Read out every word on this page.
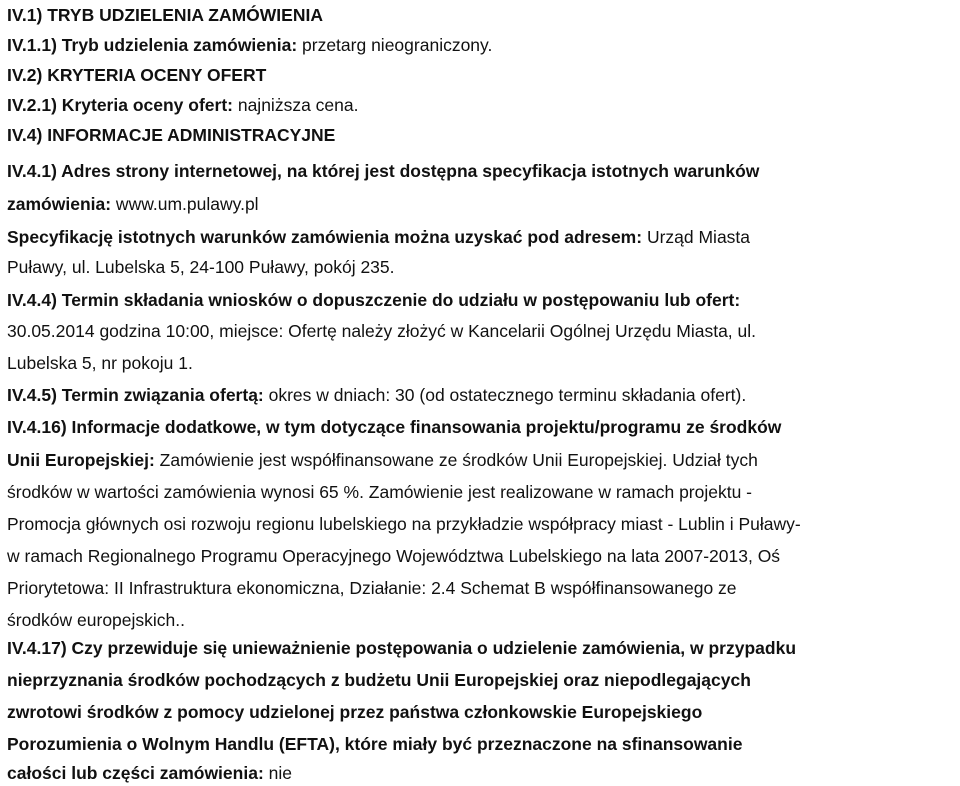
IV.1) TRYB UDZIELENIA ZAMÓWIENIA
IV.1.1) Tryb udzielenia zamówienia: przetarg nieograniczony.
IV.2) KRYTERIA OCENY OFERT
IV.2.1) Kryteria oceny ofert: najniższa cena.
IV.4) INFORMACJE ADMINISTRACYJNE
IV.4.1) Adres strony internetowej, na której jest dostępna specyfikacja istotnych warunków
zamówienia: www.um.pulawy.pl
Specyfikację istotnych warunków zamówienia można uzyskać pod adresem: Urząd Miasta
Puławy, ul. Lubelska 5, 24-100 Puławy, pokój 235.
IV.4.4) Termin składania wniosków o dopuszczenie do udziału w postępowaniu lub ofert:
30.05.2014 godzina 10:00, miejsce: Ofertę należy złożyć w Kancelarii Ogólnej Urzędu Miasta, ul.
Lubelska 5, nr pokoju 1.
IV.4.5) Termin związania ofertą: okres w dniach: 30 (od ostatecznego terminu składania ofert).
IV.4.16) Informacje dodatkowe, w tym dotyczące finansowania projektu/programu ze środków
Unii Europejskiej: Zamówienie jest współfinansowane ze środków Unii Europejskiej. Udział tych
środków w wartości zamówienia wynosi 65 %. Zamówienie jest realizowane w ramach projektu -
Promocja głównych osi rozwoju regionu lubelskiego na przykładzie współpracy miast - Lublin i Puławy-
w ramach Regionalnego Programu Operacyjnego Województwa Lubelskiego na lata 2007-2013, Oś
Priorytetowa: II Infrastruktura ekonomiczna, Działanie: 2.4 Schemat B współfinansowanego ze
środków europejskich..
IV.4.17) Czy przewiduje się unieważnienie postępowania o udzielenie zamówienia, w przypadku
nieprzyznania środków pochodzących z budżetu Unii Europejskiej oraz niepodlegających
zwrotowi środków z pomocy udzielonej przez państwa członkowskie Europejskiego
Porozumienia o Wolnym Handlu (EFTA), które miały być przeznaczone na sfinansowanie
całości lub części zamówienia: nie
